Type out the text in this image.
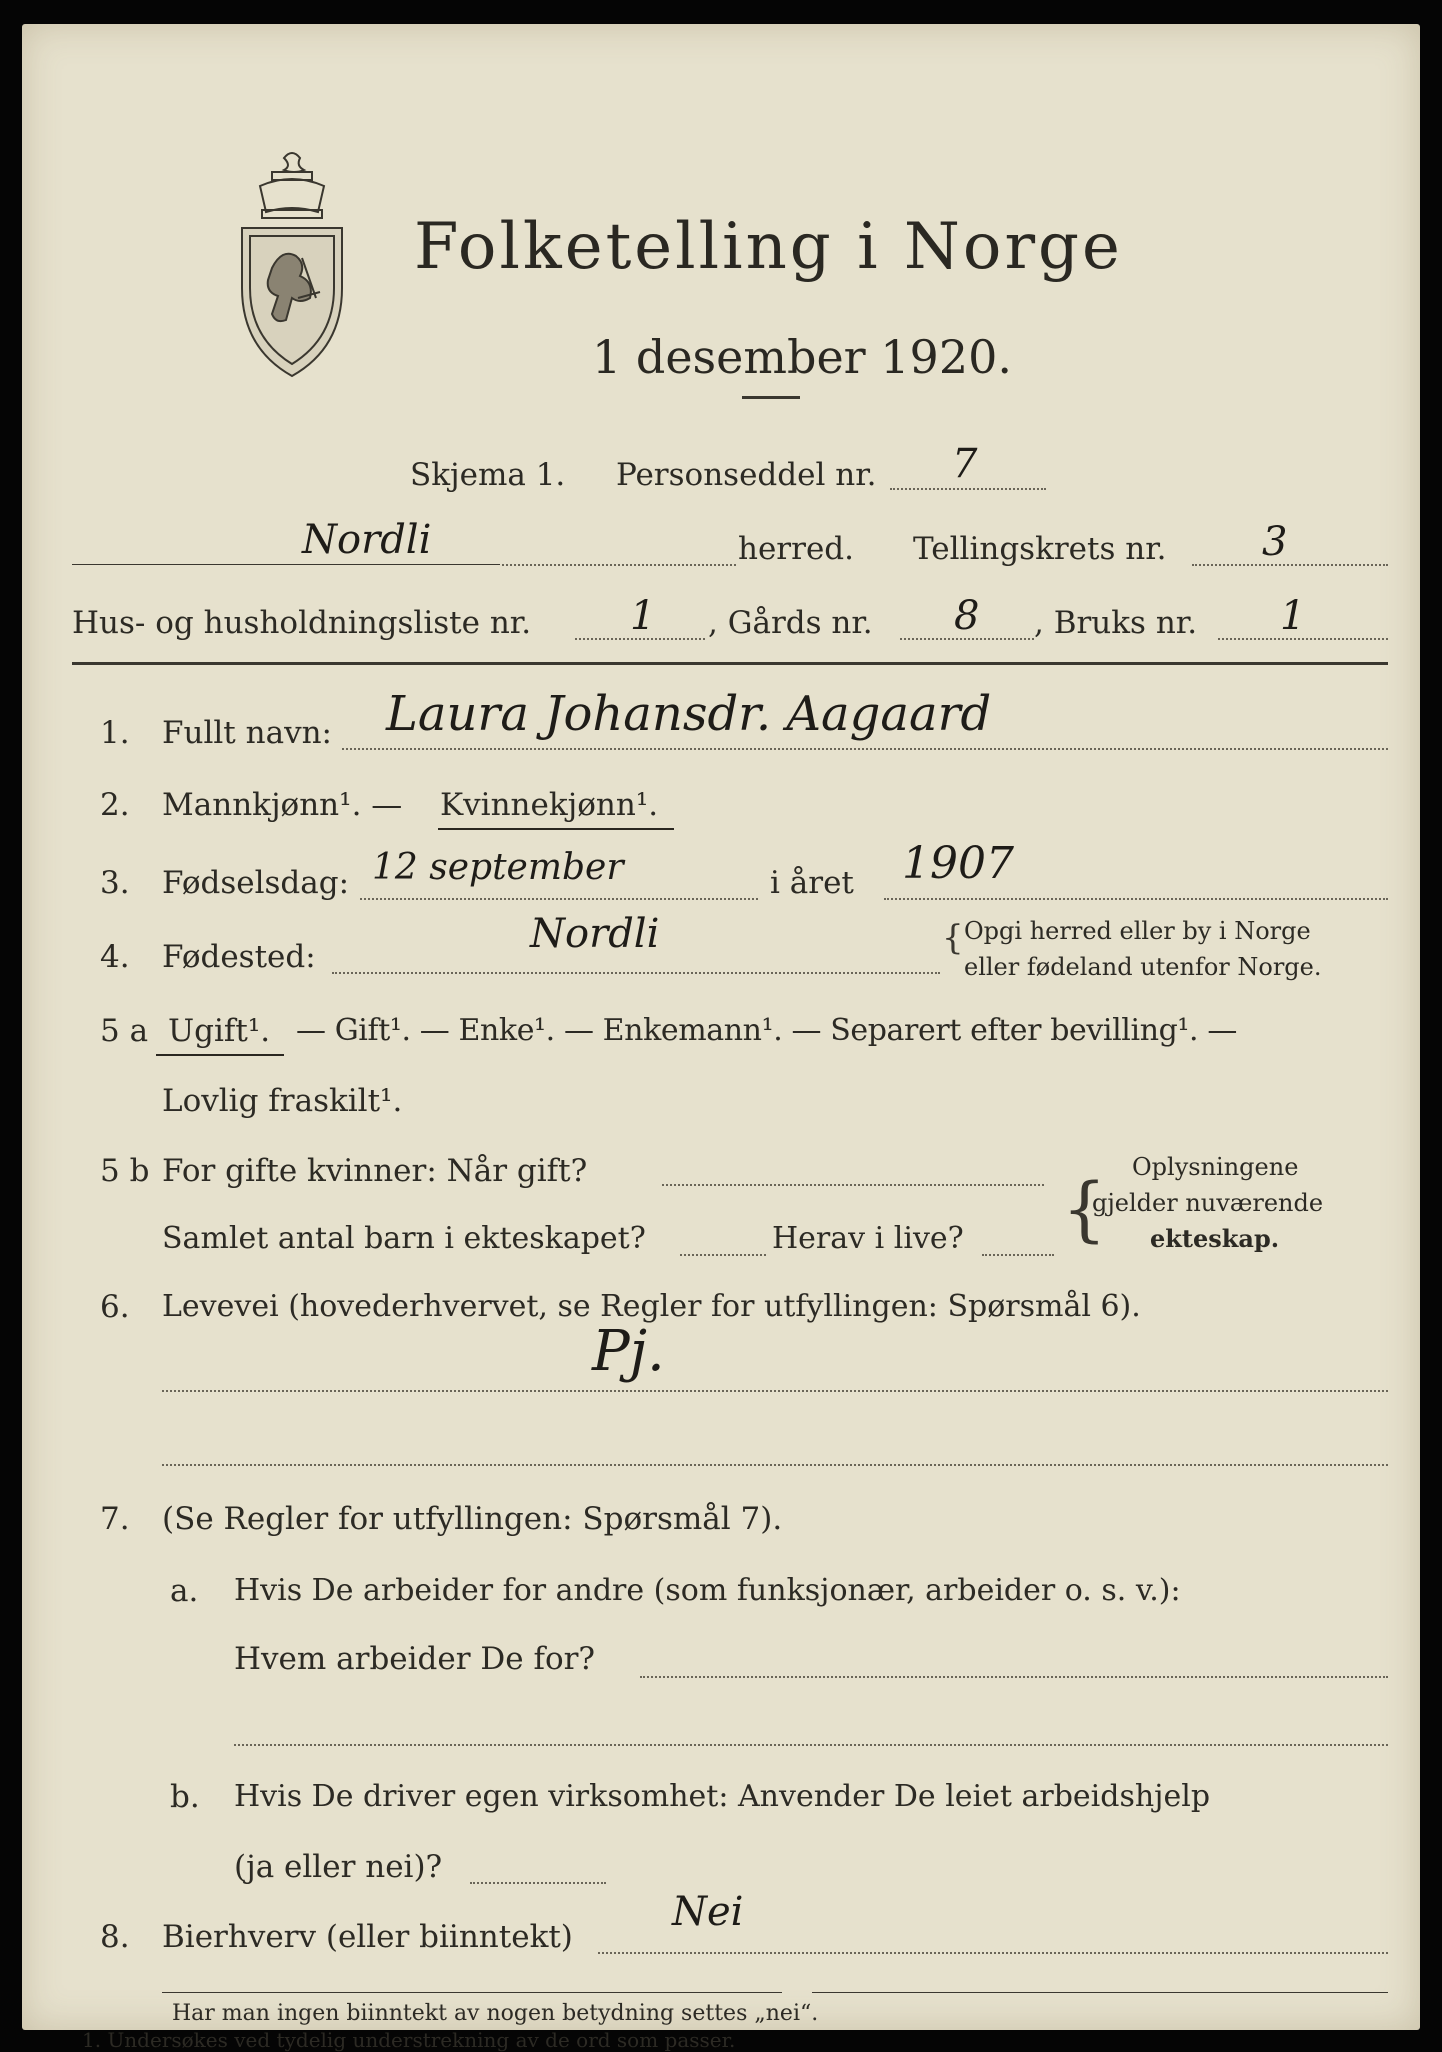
Folketelling i Norge
1 desember 1920.
Skjema 1. Personseddel nr. 7
Nordli	herred. Tellingskrets nr. 3
Hus- og husholdningsliste nr. 1 , Gårds nr. 8 , Bruks nr. 1
1. Fullt navn: Laura Johansdr. Aagaard
2. Mannkjønn¹. — Kvinnekjønn¹.
3. Fødselsdag: 12 september	i året 1907
4. Fødested:	Nordli	{ Opgi herred eller by i Norge
eller fødeland utenfor Norge.
5 a Ugift¹. — Gift¹. — Enke¹. — Enkemann¹. — Separert efter bevilling¹. —
Lovlig fraskilt¹.
5 b For gifte kvinner: Når gift?
Samlet antal barn i ekteskapet?	Herav i live? {
Oplysningene
gjelder nuværende
ekteskap.
6. Levevei (hovederhvervet, se Regler for utfyllingen: Spørsmål 6).
Pj.
7. (Se Regler for utfyllingen: Spørsmål 7).
a. Hvis De arbeider for andre (som funksjonær, arbeider o. s. v.):
Hvem arbeider De for?
b. Hvis De driver egen virksomhet: Anvender De leiet arbeidshjelp
(ja eller nei)?
8. Bierhverv (eller biinntekt)
Nei
Har man ingen biinntekt av nogen betydning settes „nei“.
1. Undersøkes ved tydelig understrekning av de ord som passer.
